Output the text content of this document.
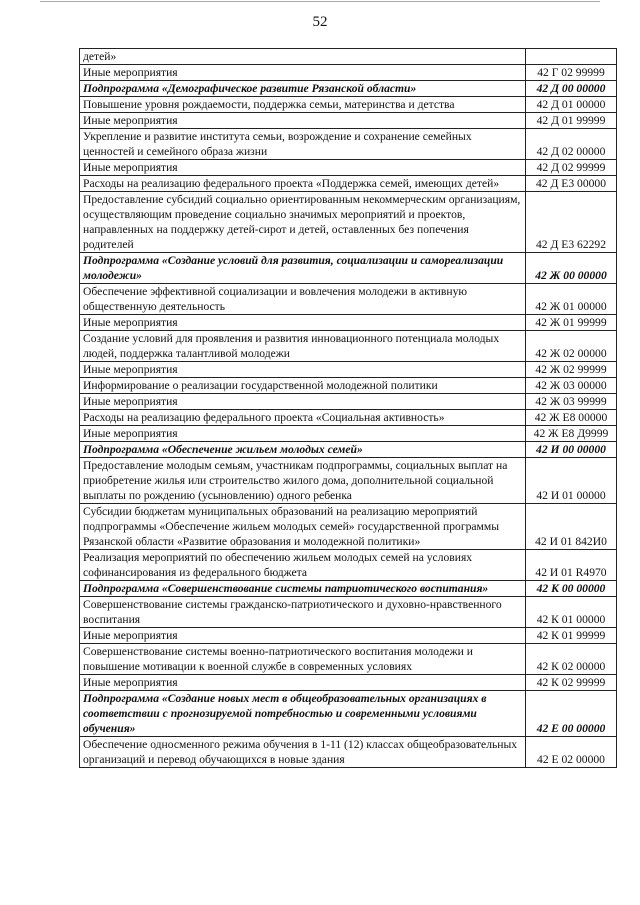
52
детей»	
Иные мероприятия	42 Г 02 99999
Подпрограмма «Демографическое развитие Рязанской области»	42 Д 00 00000
Повышение уровня рождаемости, поддержка семьи, материнства и детства	42 Д 01 00000
Иные мероприятия	42 Д 01 99999
Укрепление и развитие института семьи, возрождение и сохранение семейных ценностей и семейного образа жизни	42 Д 02 00000
Иные мероприятия	42 Д 02 99999
Расходы на реализацию федерального проекта «Поддержка семей, имеющих детей»	42 Д Е3 00000
Предоставление субсидий социально ориентированным некоммерческим организациям, осуществляющим проведение социально значимых мероприятий и проектов, направленных на поддержку детей-сирот и детей, оставленных без попечения родителей	42 Д Е3 62292
Подпрограмма «Создание условий для развития, социализации и самореализации молодежи»	42 Ж 00 00000
Обеспечение эффективной социализации и вовлечения молодежи в активную общественную деятельность	42 Ж 01 00000
Иные мероприятия	42 Ж 01 99999
Создание условий для проявления и развития инновационного потенциала молодых людей, поддержка талантливой молодежи	42 Ж 02 00000
Иные мероприятия	42 Ж 02 99999
Информирование о реализации государственной молодежной политики	42 Ж 03 00000
Иные мероприятия	42 Ж 03 99999
Расходы на реализацию федерального проекта «Социальная активность»	42 Ж Е8 00000
Иные мероприятия	42 Ж Е8 Д9999
Подпрограмма «Обеспечение жильем молодых семей»	42 И 00 00000
Предоставление молодым семьям, участникам подпрограммы, социальных выплат на приобретение жилья или строительство жилого дома, дополнительной социальной выплаты по рождению (усыновлению) одного ребенка	42 И 01 00000
Субсидии бюджетам муниципальных образований на реализацию мероприятий подпрограммы «Обеспечение жильем молодых семей» государственной программы Рязанской области «Развитие образования и молодежной политики»	42 И 01 842И0
Реализация мероприятий по обеспечению жильем молодых семей на условиях софинансирования из федерального бюджета	42 И 01 R4970
Подпрограмма «Совершенствование системы патриотического воспитания»	42 К 00 00000
Совершенствование системы гражданско-патриотического и духовно-нравственного воспитания	42 К 01 00000
Иные мероприятия	42 К 01 99999
Совершенствование системы военно-патриотического воспитания молодежи и повышение мотивации к военной службе в современных условиях	42 К 02 00000
Иные мероприятия	42 К 02 99999
Подпрограмма «Создание новых мест в общеобразовательных организациях в соответствии с прогнозируемой потребностью и современными условиями обучения»	42 Е 00 00000
Обеспечение односменного режима обучения в 1-11 (12) классах общеобразовательных организаций и перевод обучающихся в новые здания	42 Е 02 00000
